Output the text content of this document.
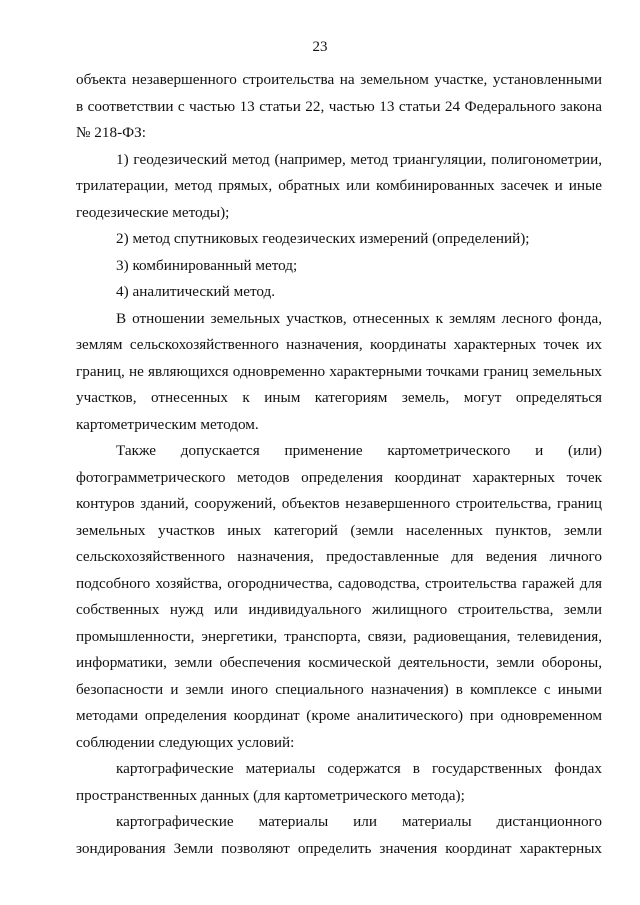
23

объекта незавершенного строительства на земельном участке, установленными в соответствии с частью 13 статьи 22, частью 13 статьи 24 Федерального закона № 218-ФЗ:

1) геодезический метод (например, метод триангуляции, полигонометрии, трилатерации, метод прямых, обратных или комбинированных засечек и иные геодезические методы);

2) метод спутниковых геодезических измерений (определений);

3) комбинированный метод;

4) аналитический метод.

В отношении земельных участков, отнесенных к землям лесного фонда, землям сельскохозяйственного назначения, координаты характерных точек их границ, не являющихся одновременно характерными точками границ земельных участков, отнесенных к иным категориям земель, могут определяться картометрическим методом.

Также допускается применение картометрического и (или) фотограмметрического методов определения координат характерных точек контуров зданий, сооружений, объектов незавершенного строительства, границ земельных участков иных категорий (земли населенных пунктов, земли сельскохозяйственного назначения, предоставленные для ведения личного подсобного хозяйства, огородничества, садоводства, строительства гаражей для собственных нужд или индивидуального жилищного строительства, земли промышленности, энергетики, транспорта, связи, радиовещания, телевидения, информатики, земли обеспечения космической деятельности, земли обороны, безопасности и земли иного специального назначения) в комплексе с иными методами определения координат (кроме аналитического) при одновременном соблюдении следующих условий:

картографические материалы содержатся в государственных фондах пространственных данных (для картометрического метода);

картографические материалы или материалы дистанционного зондирования Земли позволяют определить значения координат характерных
